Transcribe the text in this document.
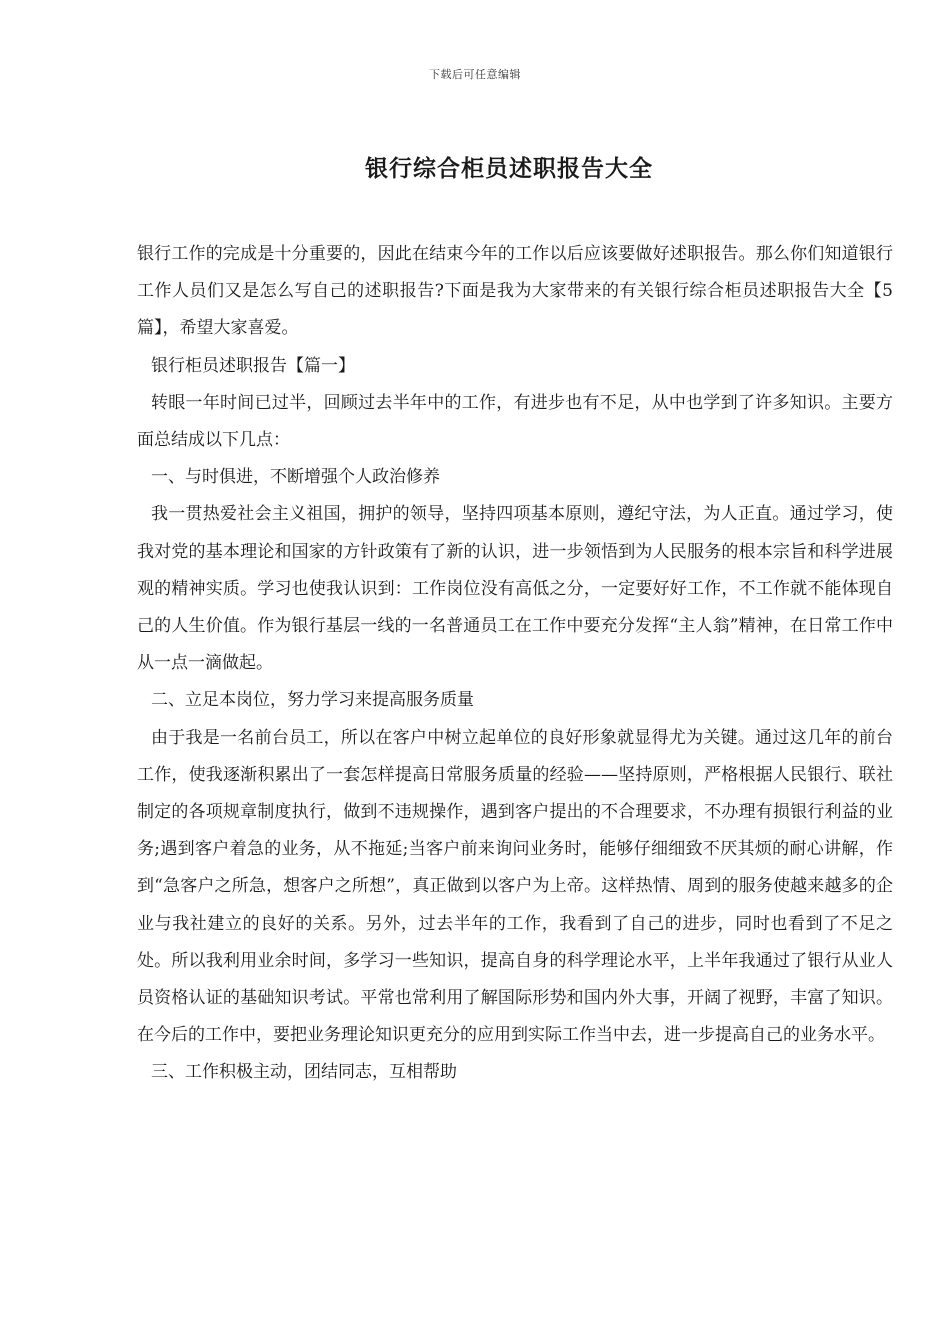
下载后可任意编辑
银行综合柜员述职报告大全

银行工作的完成是十分重要的，因此在结束今年的工作以后应该要做好述职报告。那么你们知道银行工作人员们又是怎么写自己的述职报告?下面是我为大家带来的有关银行综合柜员述职报告大全【5篇】，希望大家喜爱。

银行柜员述职报告【篇一】

转眼一年时间已过半，回顾过去半年中的工作，有进步也有不足，从中也学到了许多知识。主要方面总结成以下几点：

一、与时俱进，不断增强个人政治修养

我一贯热爱社会主义祖国，拥护的领导，坚持四项基本原则，遵纪守法，为人正直。通过学习，使我对党的基本理论和国家的方针政策有了新的认识，进一步领悟到为人民服务的根本宗旨和科学进展观的精神实质。学习也使我认识到：工作岗位没有高低之分，一定要好好工作，不工作就不能体现自己的人生价值。作为银行基层一线的一名普通员工在工作中要充分发挥“主人翁”精神，在日常工作中从一点一滴做起。

二、立足本岗位，努力学习来提高服务质量

由于我是一名前台员工，所以在客户中树立起单位的良好形象就显得尤为关键。通过这几年的前台工作，使我逐渐积累出了一套怎样提高日常服务质量的经验——坚持原则，严格根据人民银行、联社制定的各项规章制度执行，做到不违规操作，遇到客户提出的不合理要求，不办理有损银行利益的业务;遇到客户着急的业务，从不拖延;当客户前来询问业务时，能够仔细细致不厌其烦的耐心讲解，作到“急客户之所急，想客户之所想”，真正做到以客户为上帝。这样热情、周到的服务使越来越多的企业与我社建立的良好的关系。另外，过去半年的工作，我看到了自己的进步，同时也看到了不足之处。所以我利用业余时间，多学习一些知识，提高自身的科学理论水平，上半年我通过了银行从业人员资格认证的基础知识考试。平常也常利用了解国际形势和国内外大事，开阔了视野，丰富了知识。在今后的工作中，要把业务理论知识更充分的应用到实际工作当中去，进一步提高自己的业务水平。

三、工作积极主动，团结同志，互相帮助
